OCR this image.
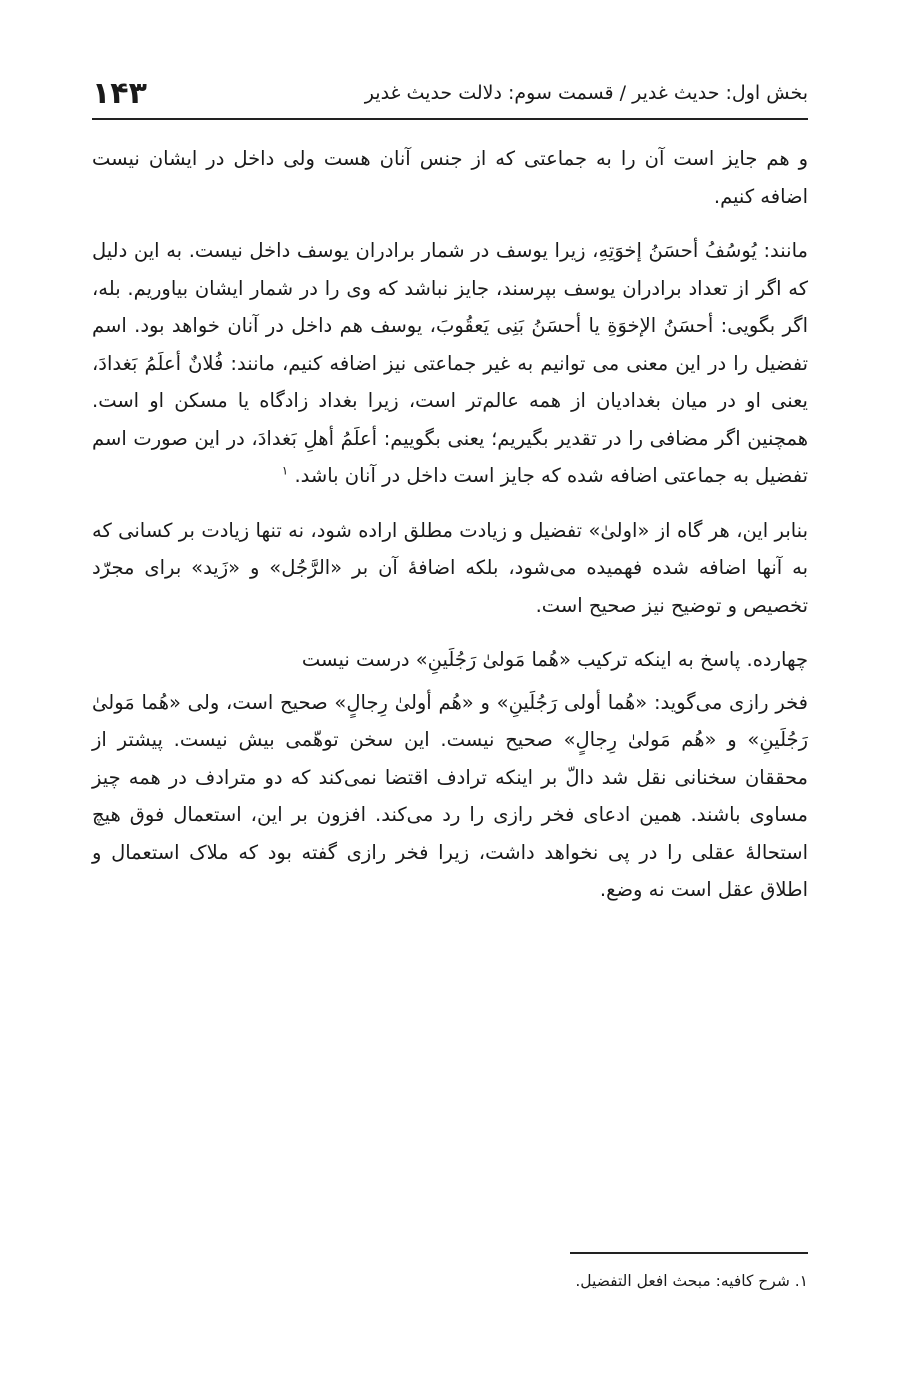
بخش اول: حدیث غدیر / قسمت سوم: دلالت حدیث غدیر
۱۴۳

و هم جایز است آن را به جماعتی که از جنس آنان هست ولی داخل در ایشان نیست اضافه کنیم.

مانند: یُوسُفُ أحسَنُ إخوَتِهِ، زیرا یوسف در شمار برادران یوسف داخل نیست. به این دلیل که اگر از تعداد برادران یوسف بپرسند، جایز نباشد که وی را در شمار ایشان بیاوریم. بله، اگر بگویی: أحسَنُ الإخوَةِ یا أحسَنُ بَنِی یَعقُوبَ، یوسف هم داخل در آنان خواهد بود. اسم تفضیل را در این معنی می توانیم به غیر جماعتی نیز اضافه کنیم، مانند: فُلانٌ أعلَمُ بَغدادَ، یعنی او در میان بغدادیان از همه عالم‌تر است، زیرا بغداد زادگاه یا مسکن او است. همچنین اگر مضافی را در تقدیر بگیریم؛ یعنی بگوییم: أعلَمُ أهلِ بَغدادَ، در این صورت اسم تفضیل به جماعتی اضافه شده که جایز است داخل در آنان باشد. $^۱$

بنابر این، هر گاه از «اولیٰ» تفضیل و زیادت مطلق اراده شود، نه تنها زیادت بر کسانی که به آنها اضافه شده فهمیده می‌شود، بلکه اضافهٔ آن بر «الرَّجُل» و «زَید» برای مجرّد تخصیص و توضیح نیز صحیح است.

چهارده. پاسخ به اینکه ترکیب «هُما مَولیٰ رَجُلَینِ» درست نیست

فخر رازی می‌گوید: «هُما أولی رَجُلَینِ» و «هُم أولیٰ رِجالٍ» صحیح است، ولی «هُما مَولیٰ رَجُلَینِ» و «هُم مَولیٰ رِجالٍ» صحیح نیست. این سخن توهّمی بیش نیست. پیشتر از محققان سخنانی نقل شد دالّ بر اینکه ترادف اقتضا نمی‌کند که دو مترادف در همه چیز مساوی باشند. همین ادعای فخر رازی را رد می‌کند. افزون بر این، استعمال فوق هیچ استحالهٔ عقلی را در پی نخواهد داشت، زیرا فخر رازی گفته بود که ملاک استعمال و اطلاق عقل است نه وضع.

۱. شرح کافیه: مبحث افعل التفضیل.
